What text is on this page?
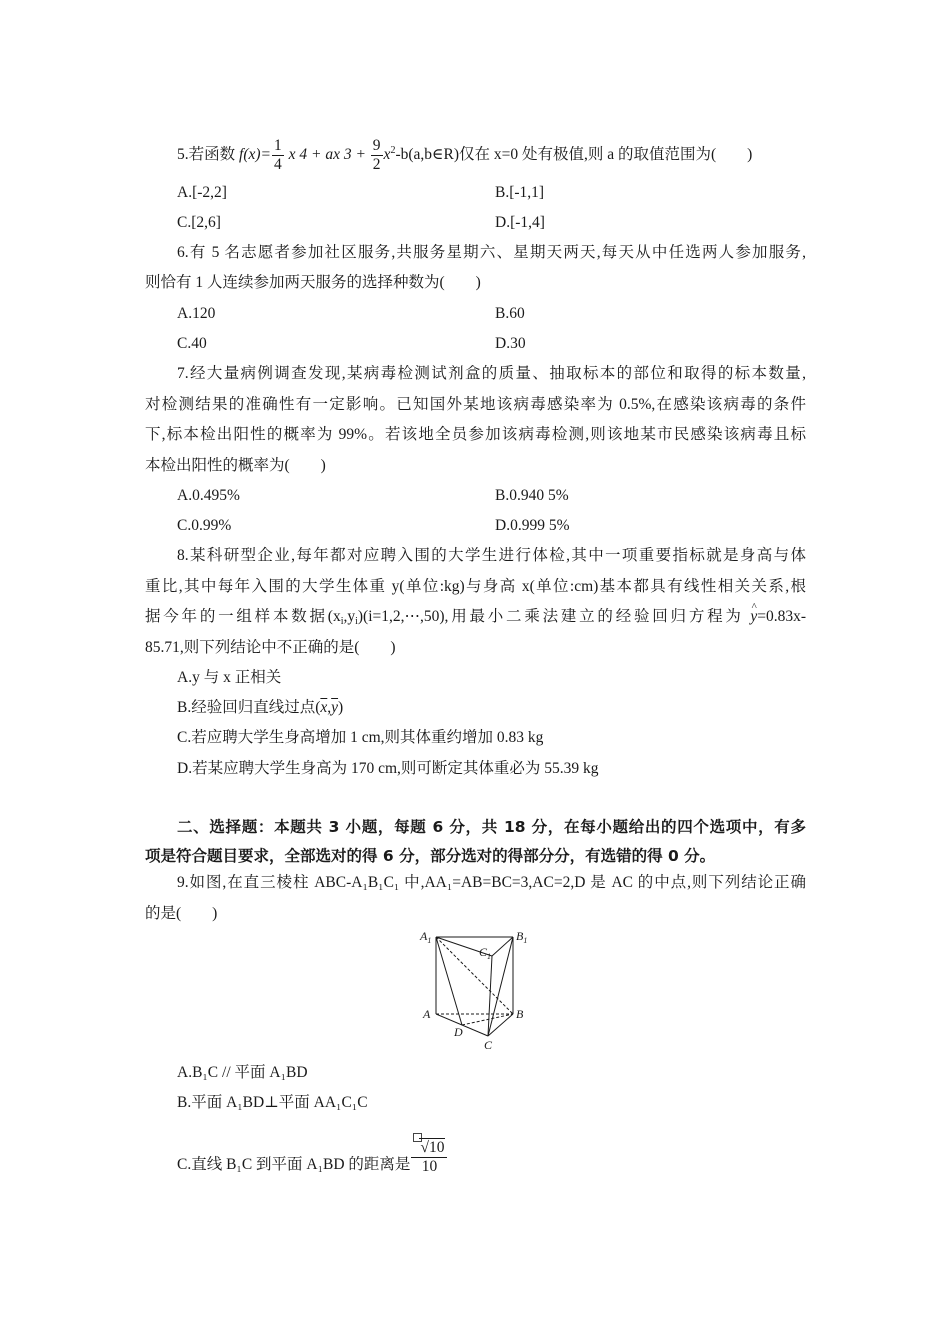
5.若函数 $f(x)= \frac{1}{4}$ x 4 + ax $3 + \frac{9}{2}$ $x^2-b(a,b\in R)$仅在 x=0 处有极值,则 a 的取值范围为(　　)
A.[-2,2]	B.[-1,1]
C.[2,6]	D.[-1,4]
6.有 5 名志愿者参加社区服务,共服务星期六、星期天两天,每天从中任选两人参加服务,
则恰有 1 人连续参加两天服务的选择种数为(　　)
A.120	B.60
C.40	D.30
7.经大量病例调查发现,某病毒检测试剂盒的质量、抽取标本的部位和取得的标本数量,
对检测结果的准确性有一定影响。已知国外某地该病毒感染率为 0.5%,在感染该病毒的条件
下,标本检出阳性的概率为 99%。若该地全员参加该病毒检测,则该地某市民感染该病毒且标
本检出阳性的概率为(　　)
A.0.495%	B.0.940 5%
C.0.99%	D.0.999 5%
8.某科研型企业,每年都对应聘入围的大学生进行体检,其中一项重要指标就是身高与体
重比,其中每年入围的大学生体重 y(单位:kg)与身高 x(单位:cm)基本都具有线性相关关系,根
据今年的一组样本数据$(x_i,y_i)(i=1,2,\cdots,50)$,用最小二乘法建立的经验回归方程为 ^ y=0.83x-
85.71,则下列结论中不正确的是(　　)
A.y 与 x 正相关
B.经验回归直线过点$(\overline{x},\overline{y})$
C.若应聘大学生身高增加 1 cm,则其体重约增加 0.83 kg
D.若某应聘大学生身高为 170 cm,则可断定其体重必为 55.39 kg
二、选择题：本题共 3 小题，每题 6 分，共 18 分，在每小题给出的四个选项中，有多
项是符合题目要求，全部选对的得 6 分，部分选对的得部分分，有选错的得 0 分。
9.如图,在直三棱柱 ABC-A₁B₁C₁ 中,AA₁=AB=BC=3,AC=2,D 是 AC 的中点,则下列结论正确
的是(　　)
$A_1$	$B_1$
$C_1$
A	B
C
D
A.B₁C // 平面 A₁BD
B.平面 A₁BD⊥平面 AA₁C₁C
C.直线 B₁C 到平面 A₁BD 的距离是 $\frac{√10}{10}$
